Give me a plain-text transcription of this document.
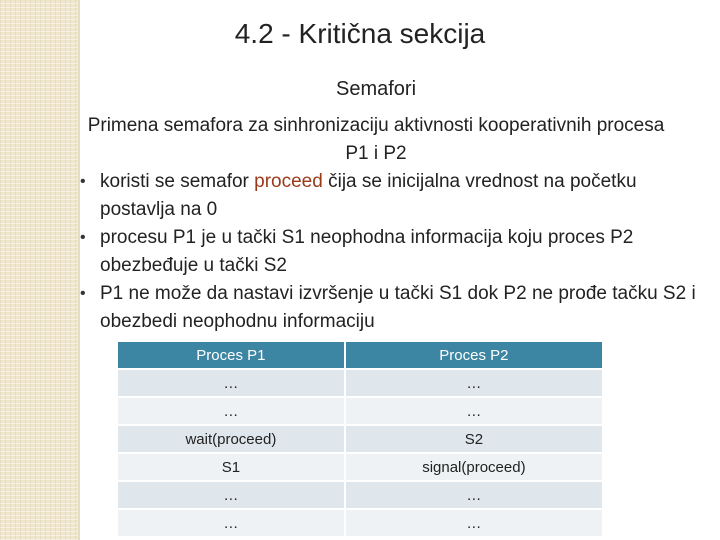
4.2 - Kritična sekcija
Semafori
Primena semafora za sinhronizaciju aktivnosti kooperativnih procesa P1 i P2
• koristi se semafor proceed čija se inicijalna vrednost na početku postavlja na 0
• procesu P1 je u tački S1 neophodna informacija koju proces P2 obezbeđuje u tački S2
• P1 ne može da nastavi izvršenje u tački S1 dok P2 ne prođe tačku S2 i obezbedi neophodnu informaciju
Proces P1	Proces P2
…	…
…	…
wait(proceed)	S2
S1	signal(proceed)
…	…
…	…
